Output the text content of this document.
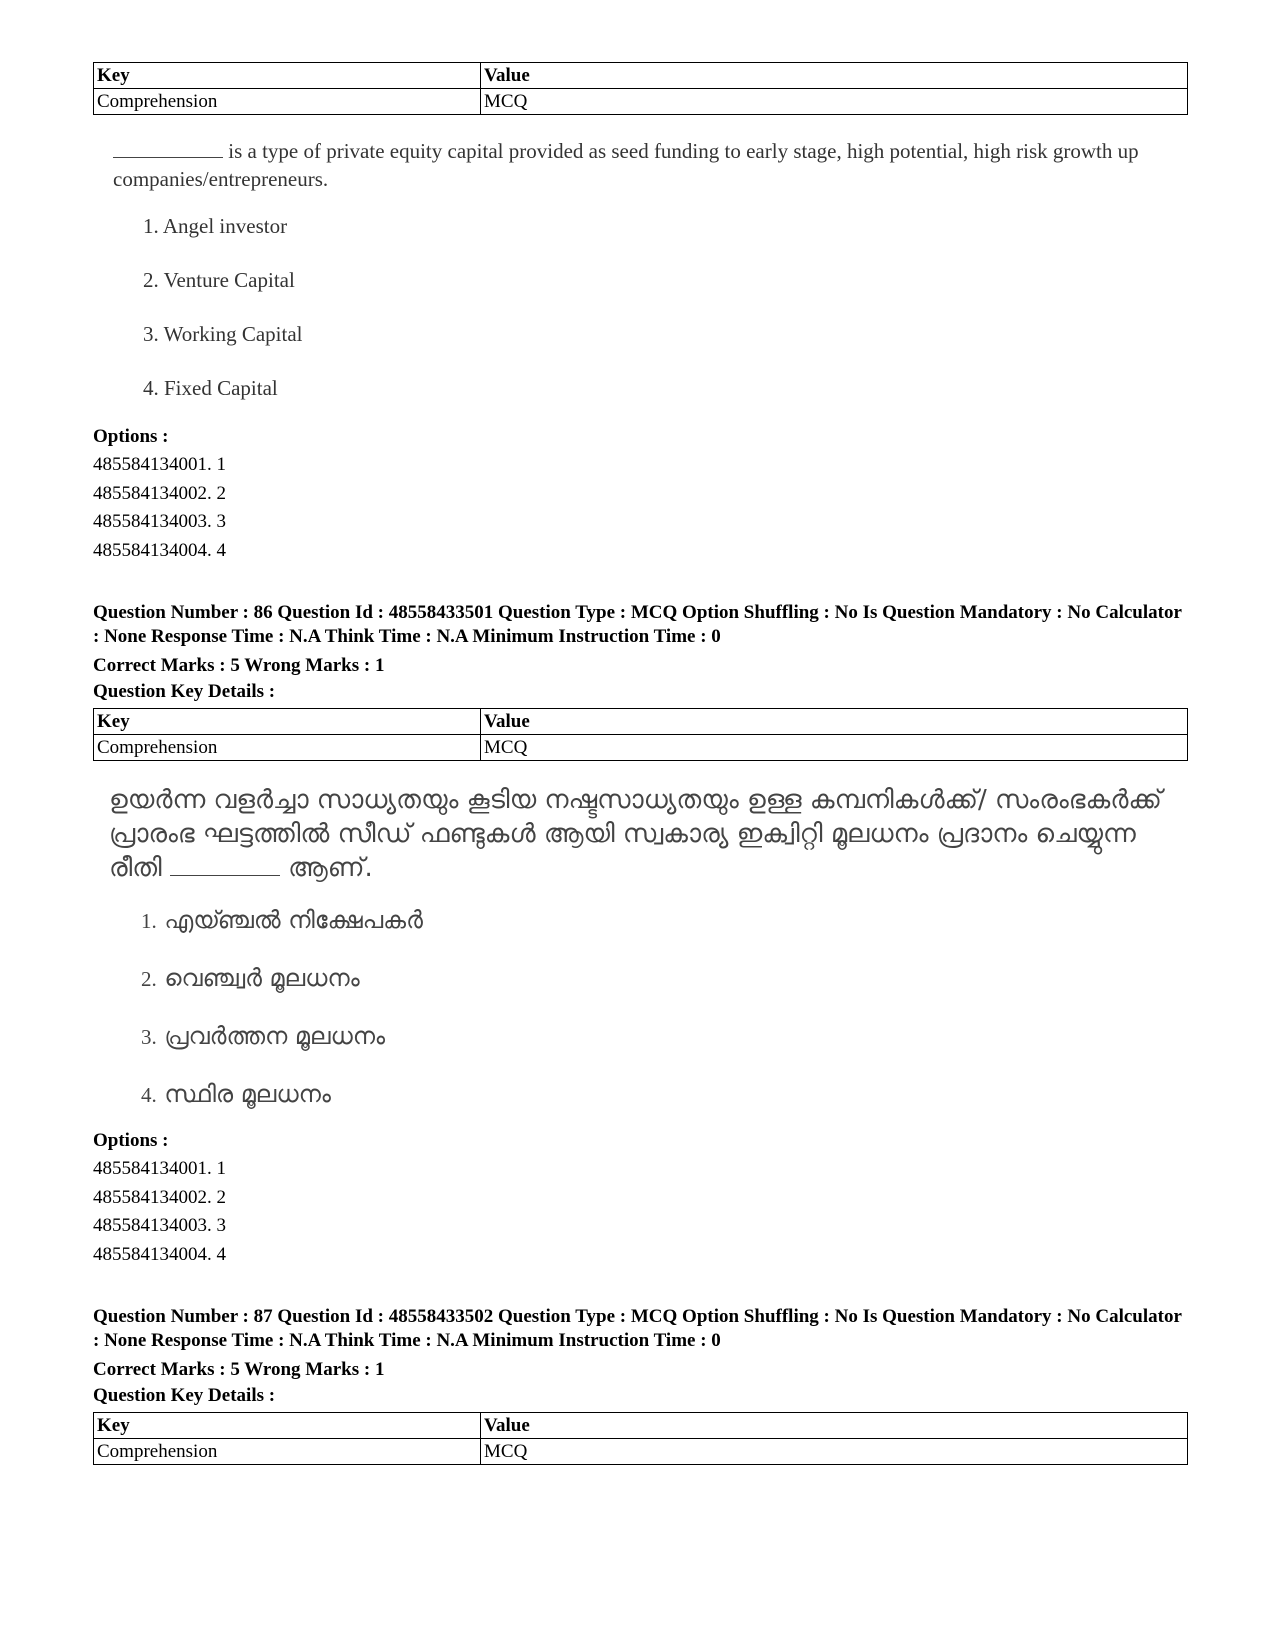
Key	Value
Comprehension	MCQ
is a type of private equity capital provided as seed funding to early stage, high potential, high risk growth up companies/entrepreneurs.
1. Angel investor
2. Venture Capital
3. Working Capital
4. Fixed Capital
Options :
485584134001. 1
485584134002. 2
485584134003. 3
485584134004. 4
Question Number : 86 Question Id : 48558433501 Question Type : MCQ Option Shuffling : No Is Question Mandatory : No Calculator : None Response Time : N.A Think Time : N.A Minimum Instruction Time : 0
Correct Marks : 5 Wrong Marks : 1
Question Key Details :
Key	Value
Comprehension	MCQ
ഉയർന്ന വളർച്ചാ സാധ്യതയും കൂടിയ നഷ്ടസാധ്യതയും ഉള്ള കമ്പനികൾക്ക്/ സംരംഭകർക്ക് പ്രാരംഭ ഘട്ടത്തിൽ സീഡ് ഫണ്ടുകൾ ആയി സ്വകാര്യ ഇക്വിറ്റി മൂലധനം പ്രദാനം ചെയ്യുന്ന രീതി	ആണ്.
1. എയ്ഞ്ചൽ നിക്ഷേപകർ
2. വെഞ്ച്വർ മൂലധനം
3. പ്രവർത്തന മൂലധനം
4. സ്ഥിര മൂലധനം
Options :
485584134001. 1
485584134002. 2
485584134003. 3
485584134004. 4
Question Number : 87 Question Id : 48558433502 Question Type : MCQ Option Shuffling : No Is Question Mandatory : No Calculator : None Response Time : N.A Think Time : N.A Minimum Instruction Time : 0
Correct Marks : 5 Wrong Marks : 1
Question Key Details :
Key	Value
Comprehension	MCQ
